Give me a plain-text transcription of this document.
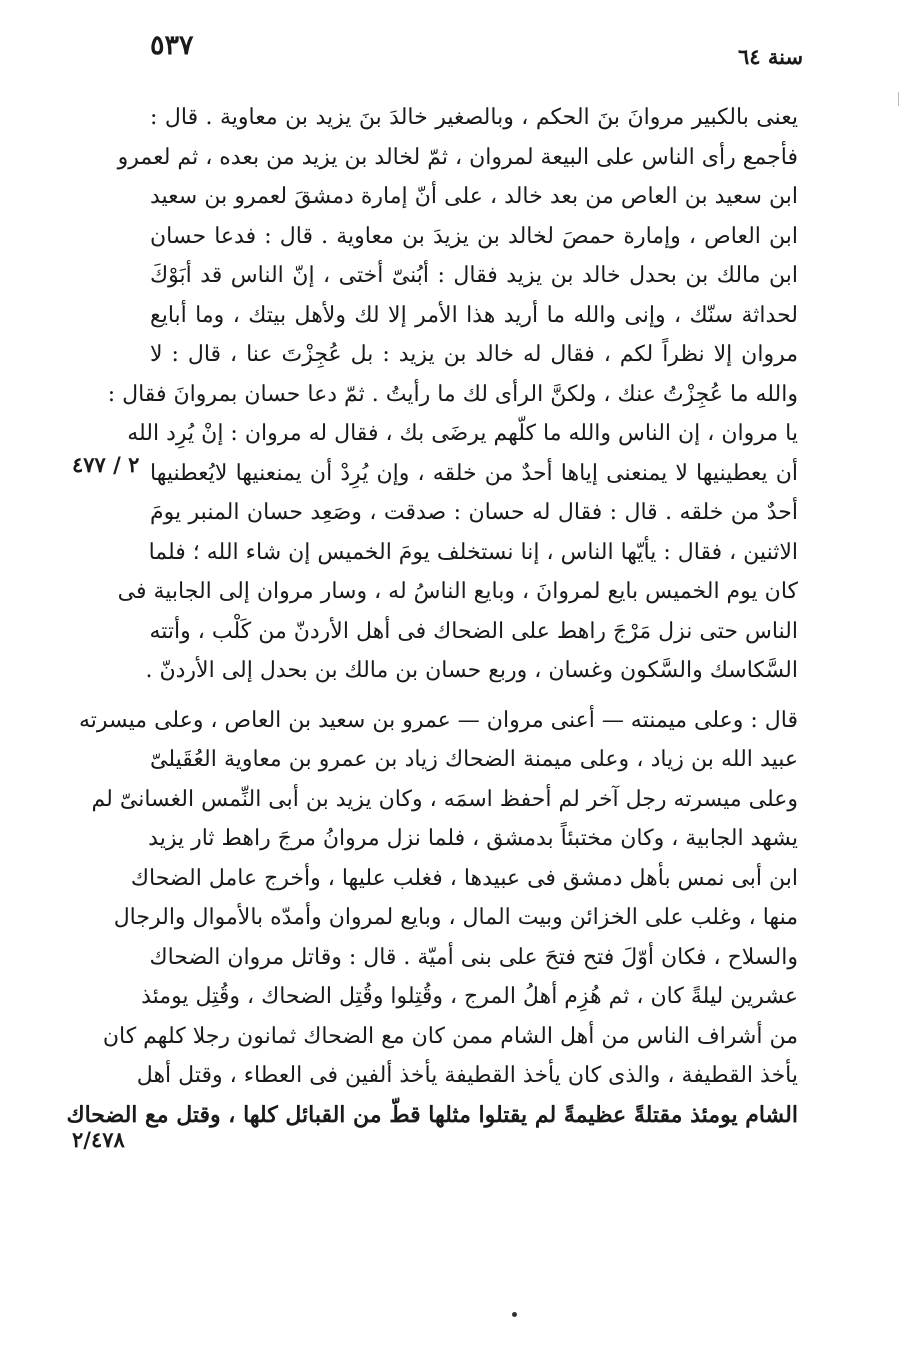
٥٣٧	سنة ٦٤
٢ / ٤٧٧
٢/٤٧٨
يعنى بالكبير مروانَ بنَ الحكم ، وبالصغير خالدَ بنَ يزيد بن معاوية . قال :
فأجمع رأى الناس على البيعة لمروان ، ثمّ لخالد بن يزيد من بعده ، ثم لعمرو
ابن سعيد بن العاص من بعد خالد ، على أنّ إمارة دمشقَ لعمرو بن سعيد
ابن العاص ، وإمارة حمصَ لخالد بن يزيدَ بن معاوية . قال : فدعا حسان
ابن مالك بن بحدل خالد بن يزيد فقال : أبُنىّ أختى ، إنّ الناس قد أبَوْكَ
لحداثة سنّك ، وإنى والله ما أريد هذا الأمر إلا لك ولأهل بيتك ، وما أبايع
مروان إلا نظراً لكم ، فقال له خالد بن يزيد : بل عُجِزْتَ عنا ، قال : لا
والله ما عُجِزْتُ عنك ، ولكنَّ الرأى لك ما رأيتُ . ثمّ دعا حسان بمروانَ فقال :
يا مروان ، إن الناس والله ما كلّهم يرضَى بك ، فقال له مروان : إنْ يُرِد الله
أن يعطينيها لا يمنعنى إياها أحدٌ من خلقه ، وإن يُرِدْ أن يمنعنيها لايُعطنيها
أحدٌ من خلقه . قال : فقال له حسان : صدقت ، وصَعِد حسان المنبر يومَ
الاثنين ، فقال : يأيّها الناس ، إنا نستخلف يومَ الخميس إن شاء الله ؛ فلما
كان يوم الخميس بايع لمروانَ ، وبايع الناسُ له ، وسار مروان إلى الجابية فى
الناس حتى نزل مَرْجَ راهط على الضحاك فى أهل الأردنّ من كَلْب ، وأتته
السَّكاسك والسَّكون وغسان ، وربع حسان بن مالك بن بحدل إلى الأردنّ .
قال : وعلى ميمنته — أعنى مروان — عمرو بن سعيد بن العاص ، وعلى ميسرته
عبيد الله بن زياد ، وعلى ميمنة الضحاك زياد بن عمرو بن معاوية العُقَيلىّ
وعلى ميسرته رجل آخر لم أحفظ اسمَه ، وكان يزيد بن أبى النِّمس الغسانىّ لم
يشهد الجابية ، وكان مختبئاً بدمشق ، فلما نزل مروانُ مرجَ راهط ثار يزيد
ابن أبى نمس بأهل دمشق فى عبيدها ، فغلب عليها ، وأخرج عامل الضحاك
منها ، وغلب على الخزائن وبيت المال ، وبايع لمروان وأمدّه بالأموال والرجال
والسلاح ، فكان أوّلَ فتح فتحَ على بنى أميّة . قال : وقاتل مروان الضحاك
عشرين ليلةً كان ، ثم هُزِم أهلُ المرج ، وقُتِلوا وقُتِل الضحاك ، وقُتِل يومئذ
من أشراف الناس من أهل الشام ممن كان مع الضحاك ثمانون رجلا كلهم كان
يأخذ القطيفة ، والذى كان يأخذ القطيفة يأخذ ألفين فى العطاء ، وقتل أهل
الشام يومئذ مقتلةً عظيمةً لم يقتلوا مثلها قطّ من القبائل كلها ، وقتل مع الضحاك
